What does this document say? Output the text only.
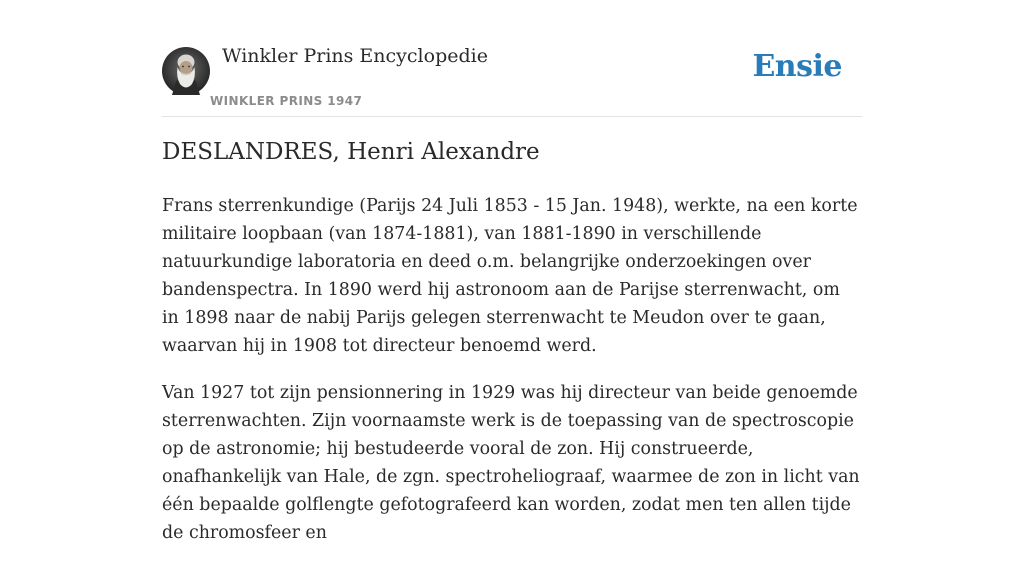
Winkler Prins Encyclopedie
WINKLER PRINS 1947
Ensie
DESLANDRES, Henri Alexandre

Frans sterrenkundige (Parijs 24 Juli 1853 - 15 Jan. 1948), werkte, na een korte militaire loopbaan (van 1874-1881), van 1881-1890 in verschillende natuurkundige laboratoria en deed o.m. belangrijke onderzoekingen over bandenspectra. In 1890 werd hij astronoom aan de Parijse sterrenwacht, om in 1898 naar de nabij Parijs gelegen sterrenwacht te Meudon over te gaan, waarvan hij in 1908 tot directeur benoemd werd.

Van 1927 tot zijn pensionnering in 1929 was hij directeur van beide genoemde sterrenwachten. Zijn voornaamste werk is de toepassing van de spectroscopie op de astronomie; hij bestudeerde vooral de zon. Hij construeerde, onafhankelijk van Hale, de zgn. spectroheliograaf, waarmee de zon in licht van één bepaalde golflengte gefotografeerd kan worden, zodat men ten allen tijde de chromosfeer en
